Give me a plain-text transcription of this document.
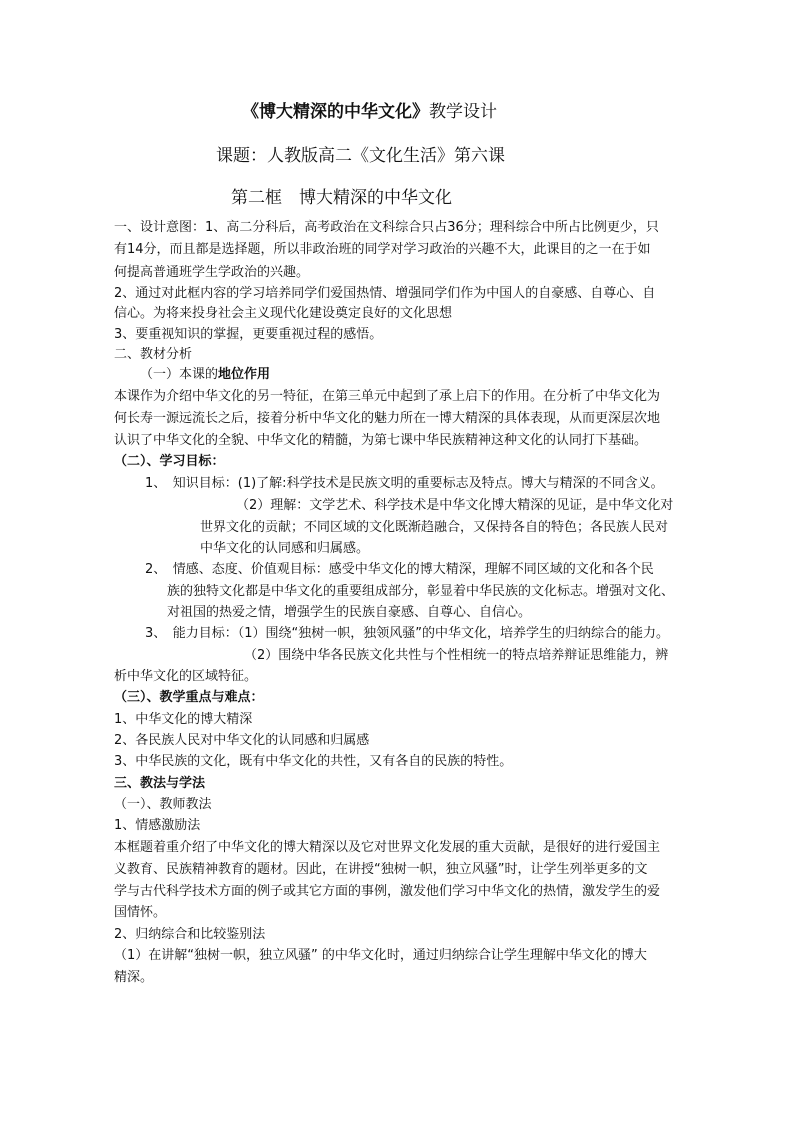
《博大精深的中华文化》教学设计
课题：人教版高二《文化生活》第六课
第二框　博大精深的中华文化
一、设计意图：1、高二分科后，高考政治在文科综合只占36分；理科综合中所占比例更少，只
有14分，而且都是选择题，所以非政治班的同学对学习政治的兴趣不大，此课目的之一在于如
何提高普通班学生学政治的兴趣。
2、通过对此框内容的学习培养同学们爱国热情、增强同学们作为中国人的自豪感、自尊心、自
信心。为将来投身社会主义现代化建设奠定良好的文化思想
3、要重视知识的掌握，更要重视过程的感悟。
二、教材分析
（一）本课的地位作用
本课作为介绍中华文化的另一特征，在第三单元中起到了承上启下的作用。在分析了中华文化为
何长寿一源远流长之后，接着分析中华文化的魅力所在一博大精深的具体表现，从而更深层次地
认识了中华文化的全貌、中华文化的精髓，为第七课中华民族精神这种文化的认同打下基础。
（二）、学习目标：
1、　知识目标：(1)了解:科学技术是民族文明的重要标志及特点。博大与精深的不同含义。
（2）理解：文学艺术、科学技术是中华文化博大精深的见证，是中华文化对
世界文化的贡献；不同区域的文化既渐趋融合，又保持各自的特色；各民族人民对
中华文化的认同感和归属感。
2、　情感、态度、价值观目标：感受中华文化的博大精深，理解不同区域的文化和各个民
族的独特文化都是中华文化的重要组成部分，彰显着中华民族的文化标志。增强对文化、
对祖国的热爱之情，增强学生的民族自豪感、自尊心、自信心。
3、　能力目标：（1）围绕“独树一帜，独领风骚”的中华文化，培养学生的归纳综合的能力。
（2）围绕中华各民族文化共性与个性相统一的特点培养辩证思维能力，辨
析中华文化的区域特征。
（三）、教学重点与难点：
1、中华文化的博大精深
2、各民族人民对中华文化的认同感和归属感
3、中华民族的文化，既有中华文化的共性，又有各自的民族的特性。
三、教法与学法
（一）、教师教法
1、情感激励法
本框题着重介绍了中华文化的博大精深以及它对世界文化发展的重大贡献，是很好的进行爱国主
义教育、民族精神教育的题材。因此，在讲授“独树一帜，独立风骚”时，让学生列举更多的文
学与古代科学技术方面的例子或其它方面的事例，激发他们学习中华文化的热情，激发学生的爱
国情怀。
2、归纳综合和比较鉴别法
（1）在讲解“独树一帜，独立风骚” 的中华文化时，通过归纳综合让学生理解中华文化的博大
精深。
